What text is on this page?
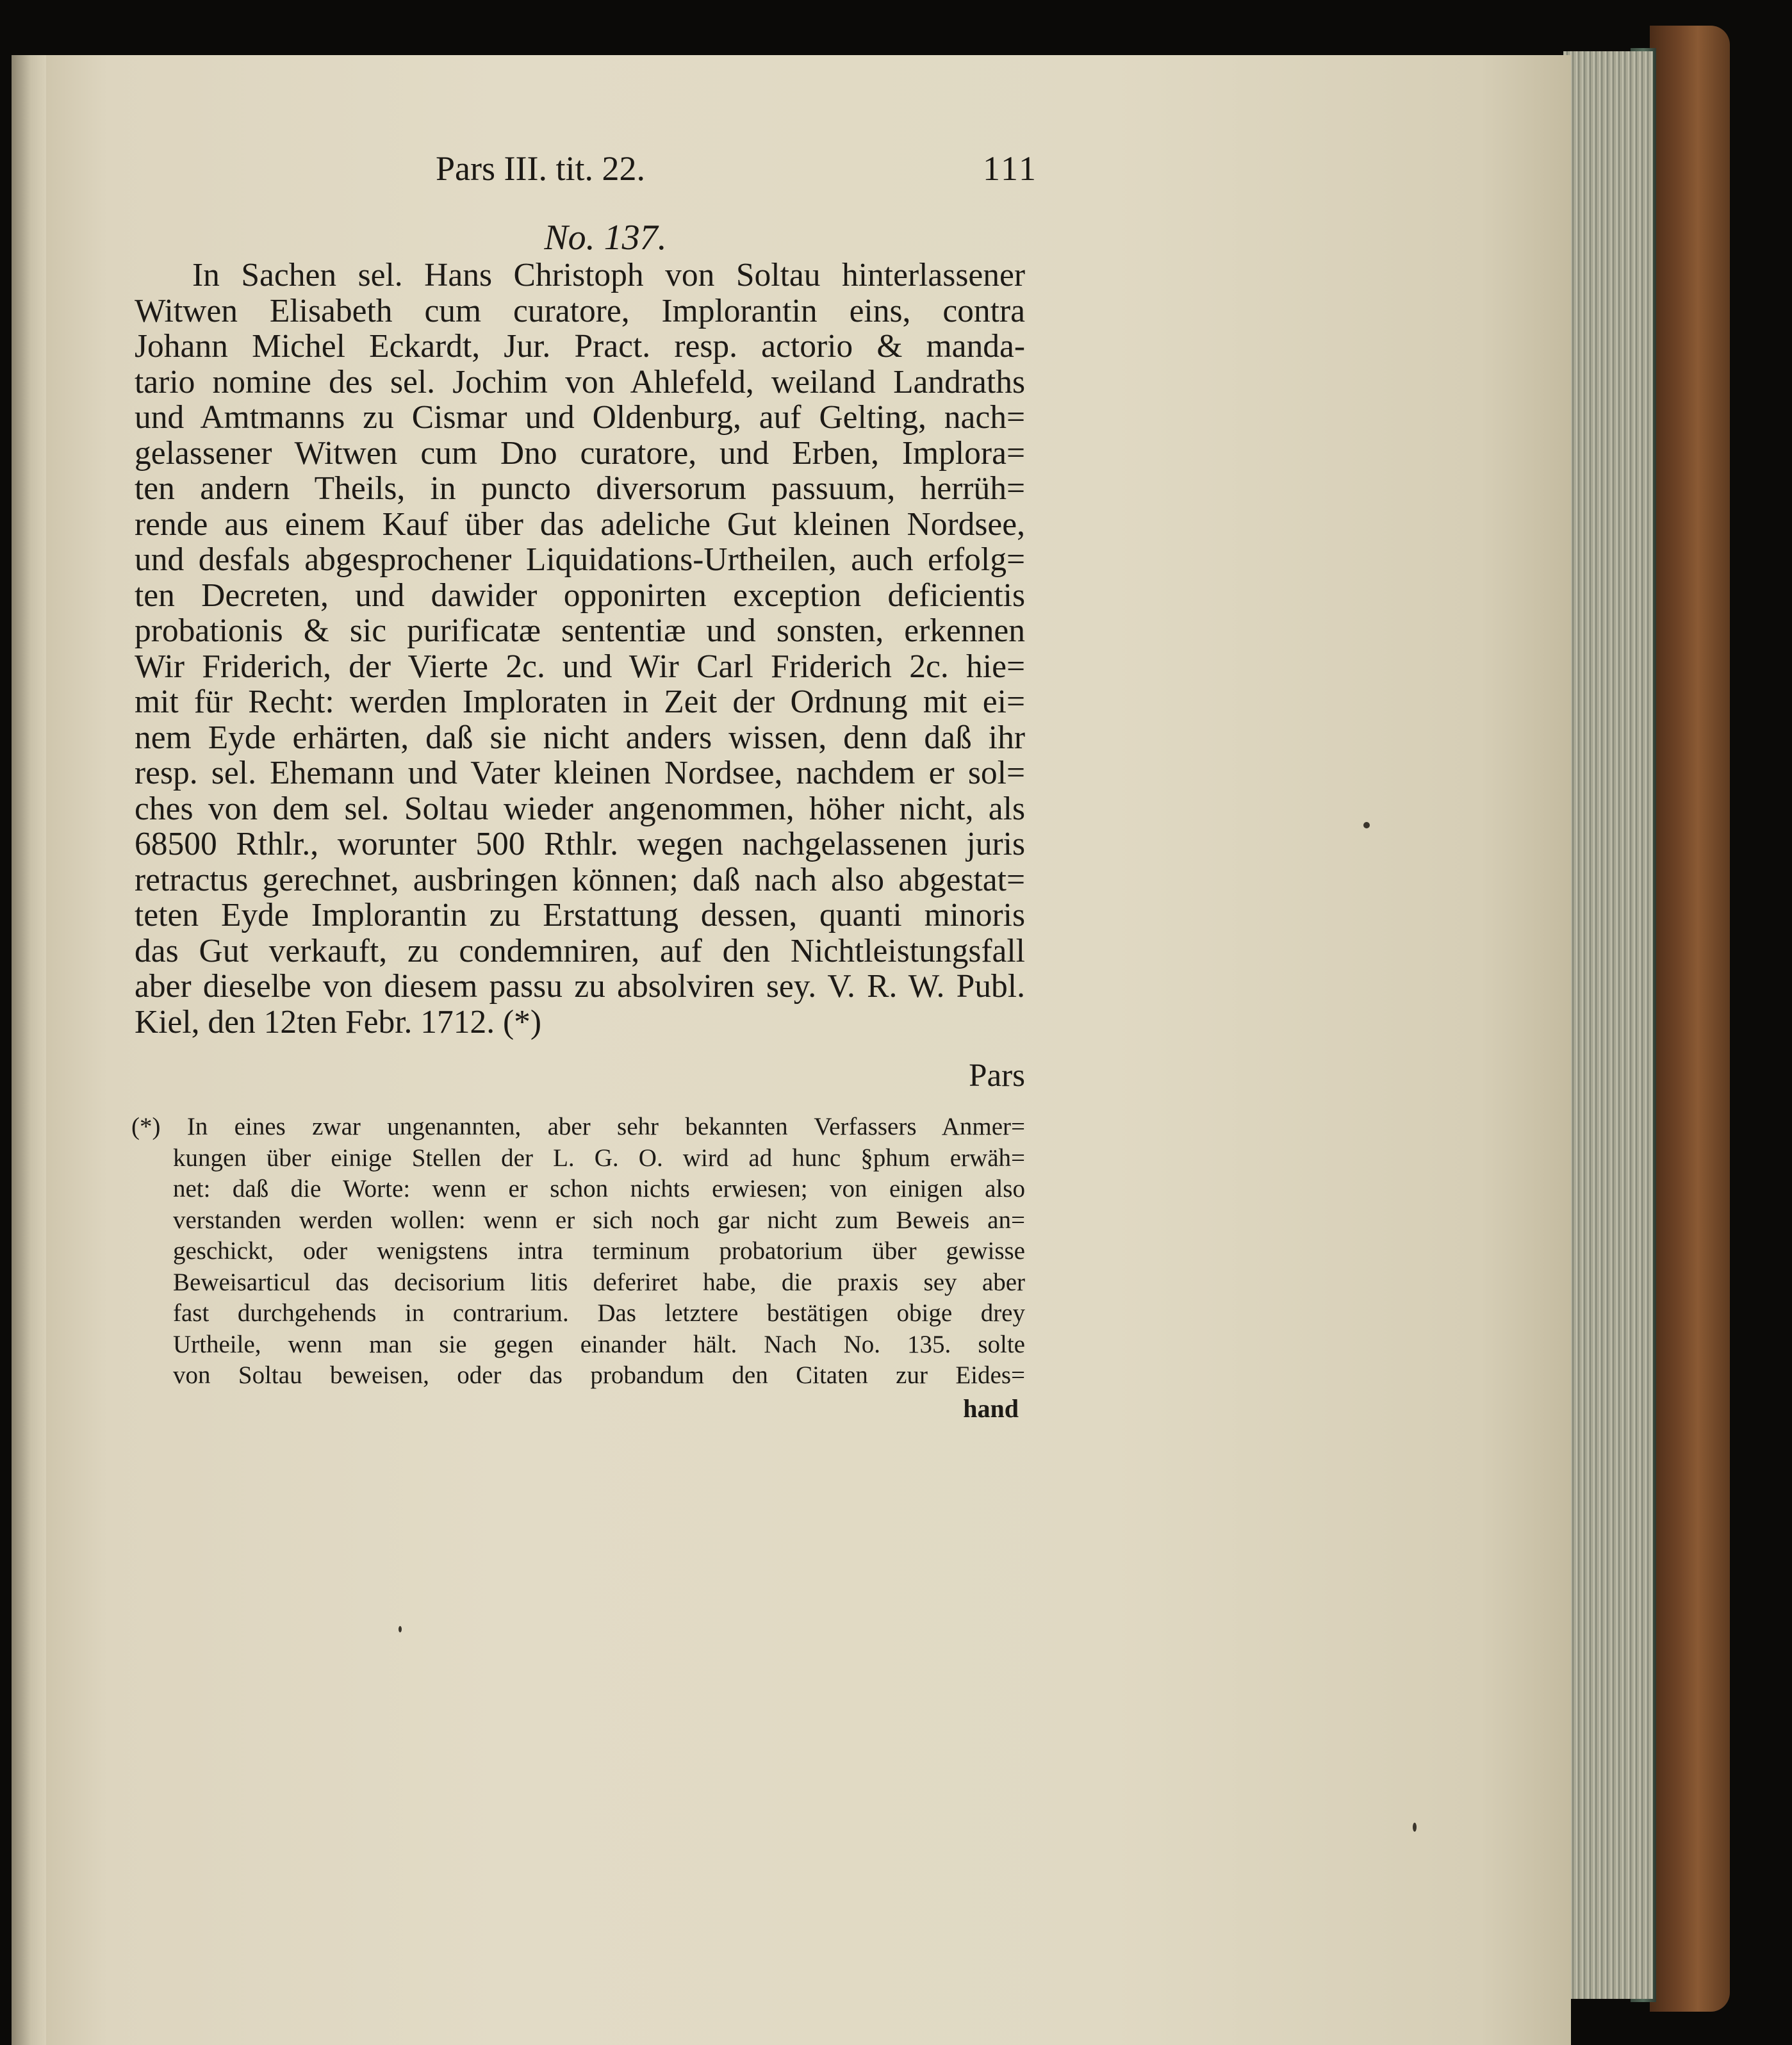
Pars III. tit. 22.	111
No. 137.
In Sachen sel. Hans Christoph von Soltau hinterlassener
Witwen Elisabeth cum curatore, Implorantin eins, contra
Johann Michel Eckardt, Jur. Pract. resp. actorio & manda-
tario nomine des sel. Jochim von Ahlefeld, weiland Landraths
und Amtmanns zu Cismar und Oldenburg, auf Gelting, nach=
gelassener Witwen cum Dno curatore, und Erben, Implora=
ten andern Theils, in puncto diversorum passuum, herrüh=
rende aus einem Kauf über das adeliche Gut kleinen Nordsee,
und desfals abgesprochener Liquidations-Urtheilen, auch erfolg=
ten Decreten, und dawider opponirten exception deficientis
probationis & sic purificatæ sententiæ und sonsten, erkennen
Wir Friderich, der Vierte 2c. und Wir Carl Friderich 2c. hie=
mit für Recht: werden Imploraten in Zeit der Ordnung mit ei=
nem Eyde erhärten, daß sie nicht anders wissen, denn daß ihr
resp. sel. Ehemann und Vater kleinen Nordsee, nachdem er sol=
ches von dem sel. Soltau wieder angenommen, höher nicht, als
68500 Rthlr., worunter 500 Rthlr. wegen nachgelassenen juris
retractus gerechnet, ausbringen können; daß nach also abgestat=
teten Eyde Implorantin zu Erstattung dessen, quanti minoris
das Gut verkauft, zu condemniren, auf den Nichtleistungsfall
aber dieselbe von diesem passu zu absolviren sey. V. R. W. Publ.
Kiel, den 12ten Febr. 1712. (*)
Pars
(*) In eines zwar ungenannten, aber sehr bekannten Verfassers Anmer=
kungen über einige Stellen der L. G. O. wird ad hunc §phum erwäh=
net: daß die Worte: wenn er schon nichts erwiesen; von einigen also
verstanden werden wollen: wenn er sich noch gar nicht zum Beweis an=
geschickt, oder wenigstens intra terminum probatorium über gewisse
Beweisarticul das decisorium litis deferiret habe, die praxis sey aber
fast durchgehends in contrarium. Das letztere bestätigen obige drey
Urtheile, wenn man sie gegen einander hält. Nach No. 135. solte
von Soltau beweisen, oder das probandum den Citaten zur Eides=
hand
